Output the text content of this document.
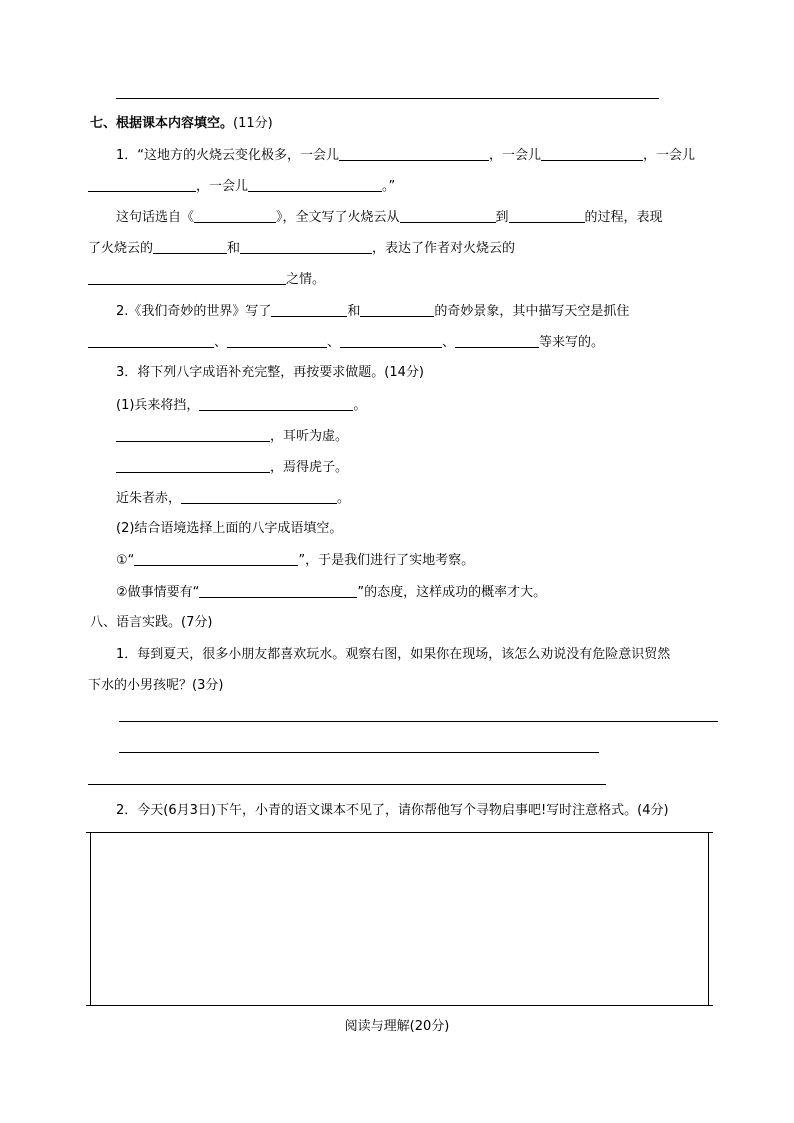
七、根据课本内容填空。(11分)
1．“这地方的火烧云变化极多，一会儿	，一会儿	，一会儿
，一会儿	。”
这句话选自《	》，全文写了火烧云从	到	的过程，表现
了火烧云的	和	，表达了作者对火烧云的
之情。
2.《我们奇妙的世界》写了	和	的奇妙景象，其中描写天空是抓住
、	、	、	等来写的。
3．将下列八字成语补充完整，再按要求做题。(14分)
(1)兵来将挡，	。
，耳听为虚。
，焉得虎子。
近朱者赤，	。
(2)结合语境选择上面的八字成语填空。
①“	”，于是我们进行了实地考察。
②做事情要有“	”的态度，这样成功的概率才大。
八、语言实践。(7分)
1．每到夏天，很多小朋友都喜欢玩水。观察右图，如果你在现场，该怎么劝说没有危险意识贸然
下水的小男孩呢？(3分)
2．今天(6月3日)下午，小青的语文课本不见了，请你帮他写个寻物启事吧!写时注意格式。(4分)
阅读与理解(20分)
